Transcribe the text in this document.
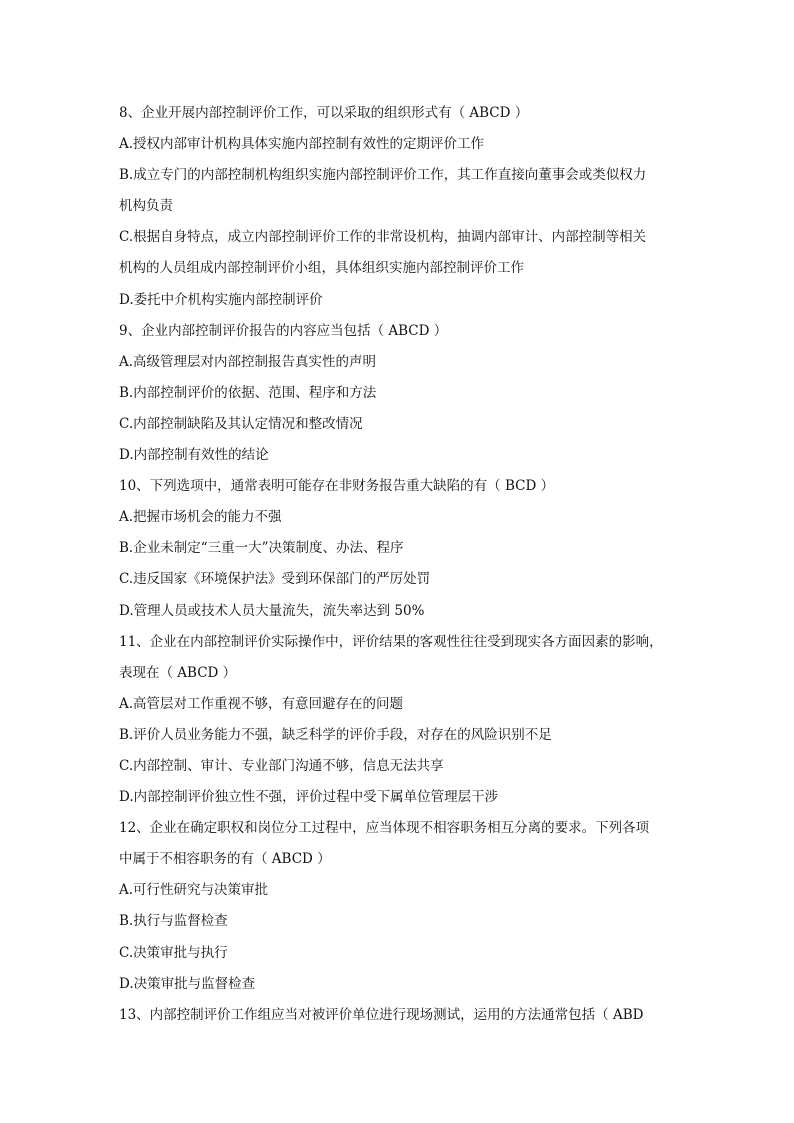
8、企业开展内部控制评价工作，可以采取的组织形式有（ ABCD ）
A.授权内部审计机构具体实施内部控制有效性的定期评价工作
B.成立专门的内部控制机构组织实施内部控制评价工作，其工作直接向董事会或类似权力
机构负责
C.根据自身特点，成立内部控制评价工作的非常设机构，抽调内部审计、内部控制等相关
机构的人员组成内部控制评价小组，具体组织实施内部控制评价工作
D.委托中介机构实施内部控制评价
9、企业内部控制评价报告的内容应当包括（ ABCD ）
A.高级管理层对内部控制报告真实性的声明
B.内部控制评价的依据、范围、程序和方法
C.内部控制缺陷及其认定情况和整改情况
D.内部控制有效性的结论
10、下列选项中，通常表明可能存在非财务报告重大缺陷的有（ BCD ）
A.把握市场机会的能力不强
B.企业未制定“三重一大”决策制度、办法、程序
C.违反国家《环境保护法》受到环保部门的严厉处罚
D.管理人员或技术人员大量流失，流失率达到 50%
11、企业在内部控制评价实际操作中，评价结果的客观性往往受到现实各方面因素的影响，
表现在（ ABCD ）
A.高管层对工作重视不够，有意回避存在的问题
B.评价人员业务能力不强，缺乏科学的评价手段，对存在的风险识别不足
C.内部控制、审计、专业部门沟通不够，信息无法共享
D.内部控制评价独立性不强，评价过程中受下属单位管理层干涉
12、企业在确定职权和岗位分工过程中，应当体现不相容职务相互分离的要求。下列各项
中属于不相容职务的有（ ABCD ）
A.可行性研究与决策审批
B.执行与监督检查
C.决策审批与执行
D.决策审批与监督检查
13、内部控制评价工作组应当对被评价单位进行现场测试，运用的方法通常包括（ ABD
